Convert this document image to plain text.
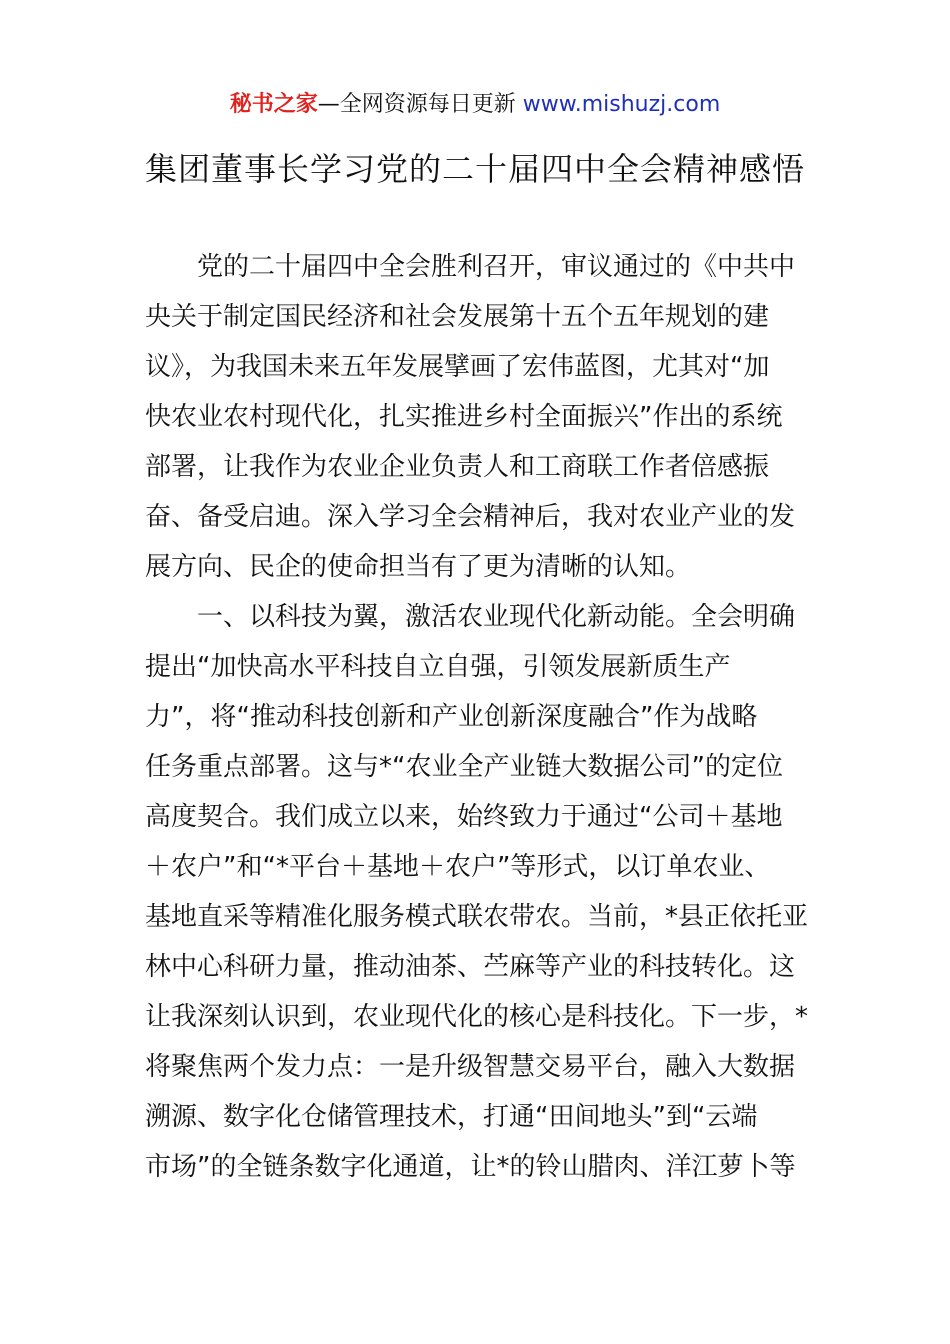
秘书之家—全网资源每日更新 www.mishuzj.com
集团董事长学习党的二十届四中全会精神感悟
党的二十届四中全会胜利召开，审议通过的《中共中
央关于制定国民经济和社会发展第十五个五年规划的建
议》，为我国未来五年发展擘画了宏伟蓝图，尤其对“加
快农业农村现代化，扎实推进乡村全面振兴”作出的系统
部署，让我作为农业企业负责人和工商联工作者倍感振
奋、备受启迪。深入学习全会精神后，我对农业产业的发
展方向、民企的使命担当有了更为清晰的认知。
一、以科技为翼，激活农业现代化新动能。全会明确
提出“加快高水平科技自立自强，引领发展新质生产
力”，将“推动科技创新和产业创新深度融合”作为战略
任务重点部署。这与*“农业全产业链大数据公司”的定位
高度契合。我们成立以来，始终致力于通过“公司＋基地
＋农户”和“*平台＋基地＋农户”等形式，以订单农业、
基地直采等精准化服务模式联农带农。当前，*县正依托亚
林中心科研力量，推动油茶、苎麻等产业的科技转化。这
让我深刻认识到，农业现代化的核心是科技化。下一步，*
将聚焦两个发力点：一是升级智慧交易平台，融入大数据
溯源、数字化仓储管理技术，打通“田间地头”到“云端
市场”的全链条数字化通道，让*的铃山腊肉、洋江萝卜等
